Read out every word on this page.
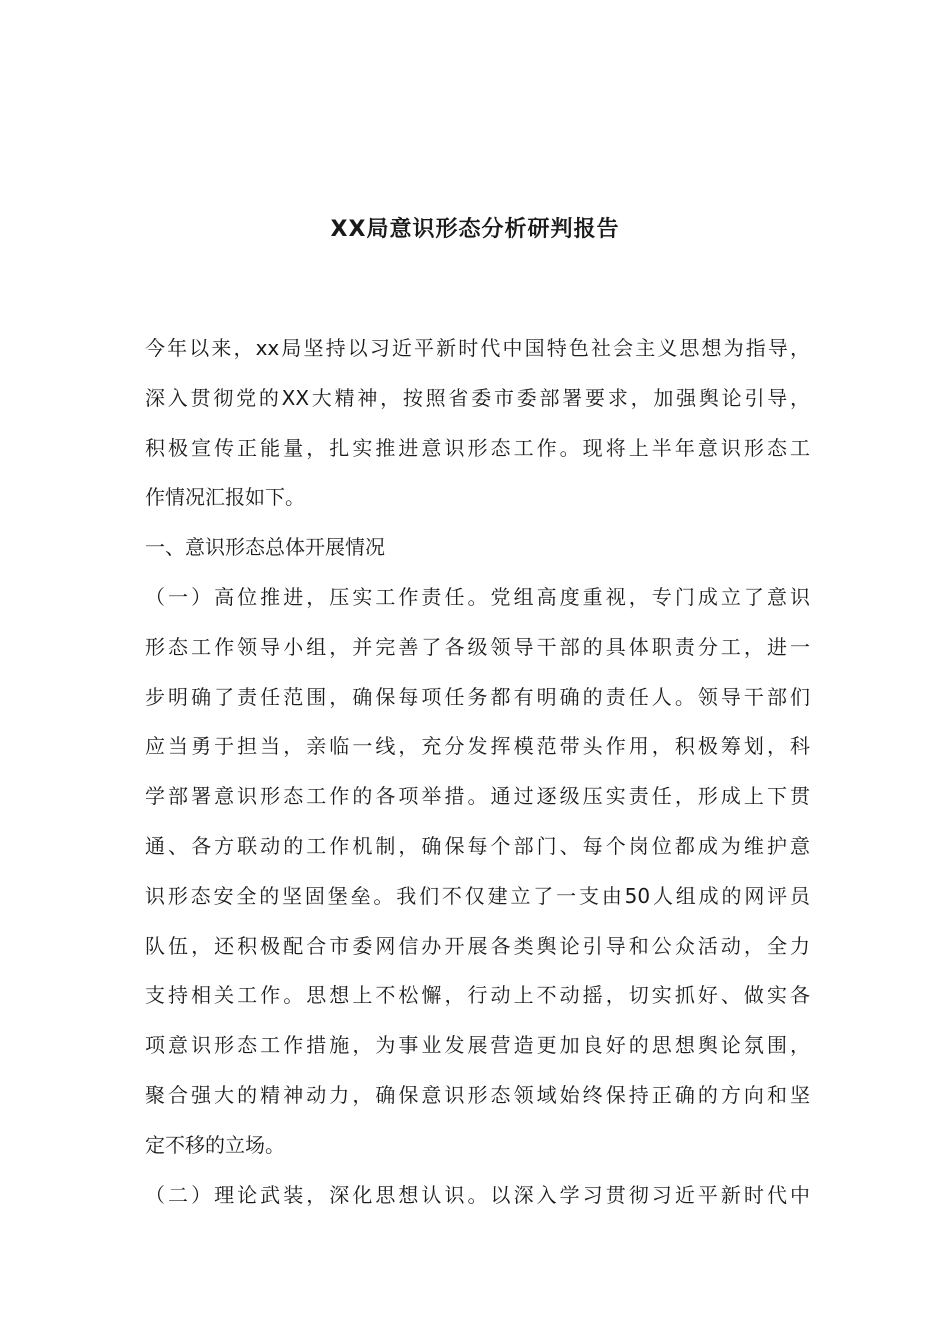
XX局意识形态分析研判报告
今年以来，xx局坚持以习近平新时代中国特色社会主义思想为指导，
深入贯彻党的XX大精神，按照省委市委部署要求，加强舆论引导，
积极宣传正能量，扎实推进意识形态工作。现将上半年意识形态工
作情况汇报如下。
一、意识形态总体开展情况
（一）高位推进，压实工作责任。党组高度重视，专门成立了意识
形态工作领导小组，并完善了各级领导干部的具体职责分工，进一
步明确了责任范围，确保每项任务都有明确的责任人。领导干部们
应当勇于担当，亲临一线，充分发挥模范带头作用，积极筹划，科
学部署意识形态工作的各项举措。通过逐级压实责任，形成上下贯
通、各方联动的工作机制，确保每个部门、每个岗位都成为维护意
识形态安全的坚固堡垒。我们不仅建立了一支由50人组成的网评员
队伍，还积极配合市委网信办开展各类舆论引导和公众活动，全力
支持相关工作。思想上不松懈，行动上不动摇，切实抓好、做实各
项意识形态工作措施，为事业发展营造更加良好的思想舆论氛围，
聚合强大的精神动力，确保意识形态领域始终保持正确的方向和坚
定不移的立场。
（二）理论武装，深化思想认识。以深入学习贯彻习近平新时代中
